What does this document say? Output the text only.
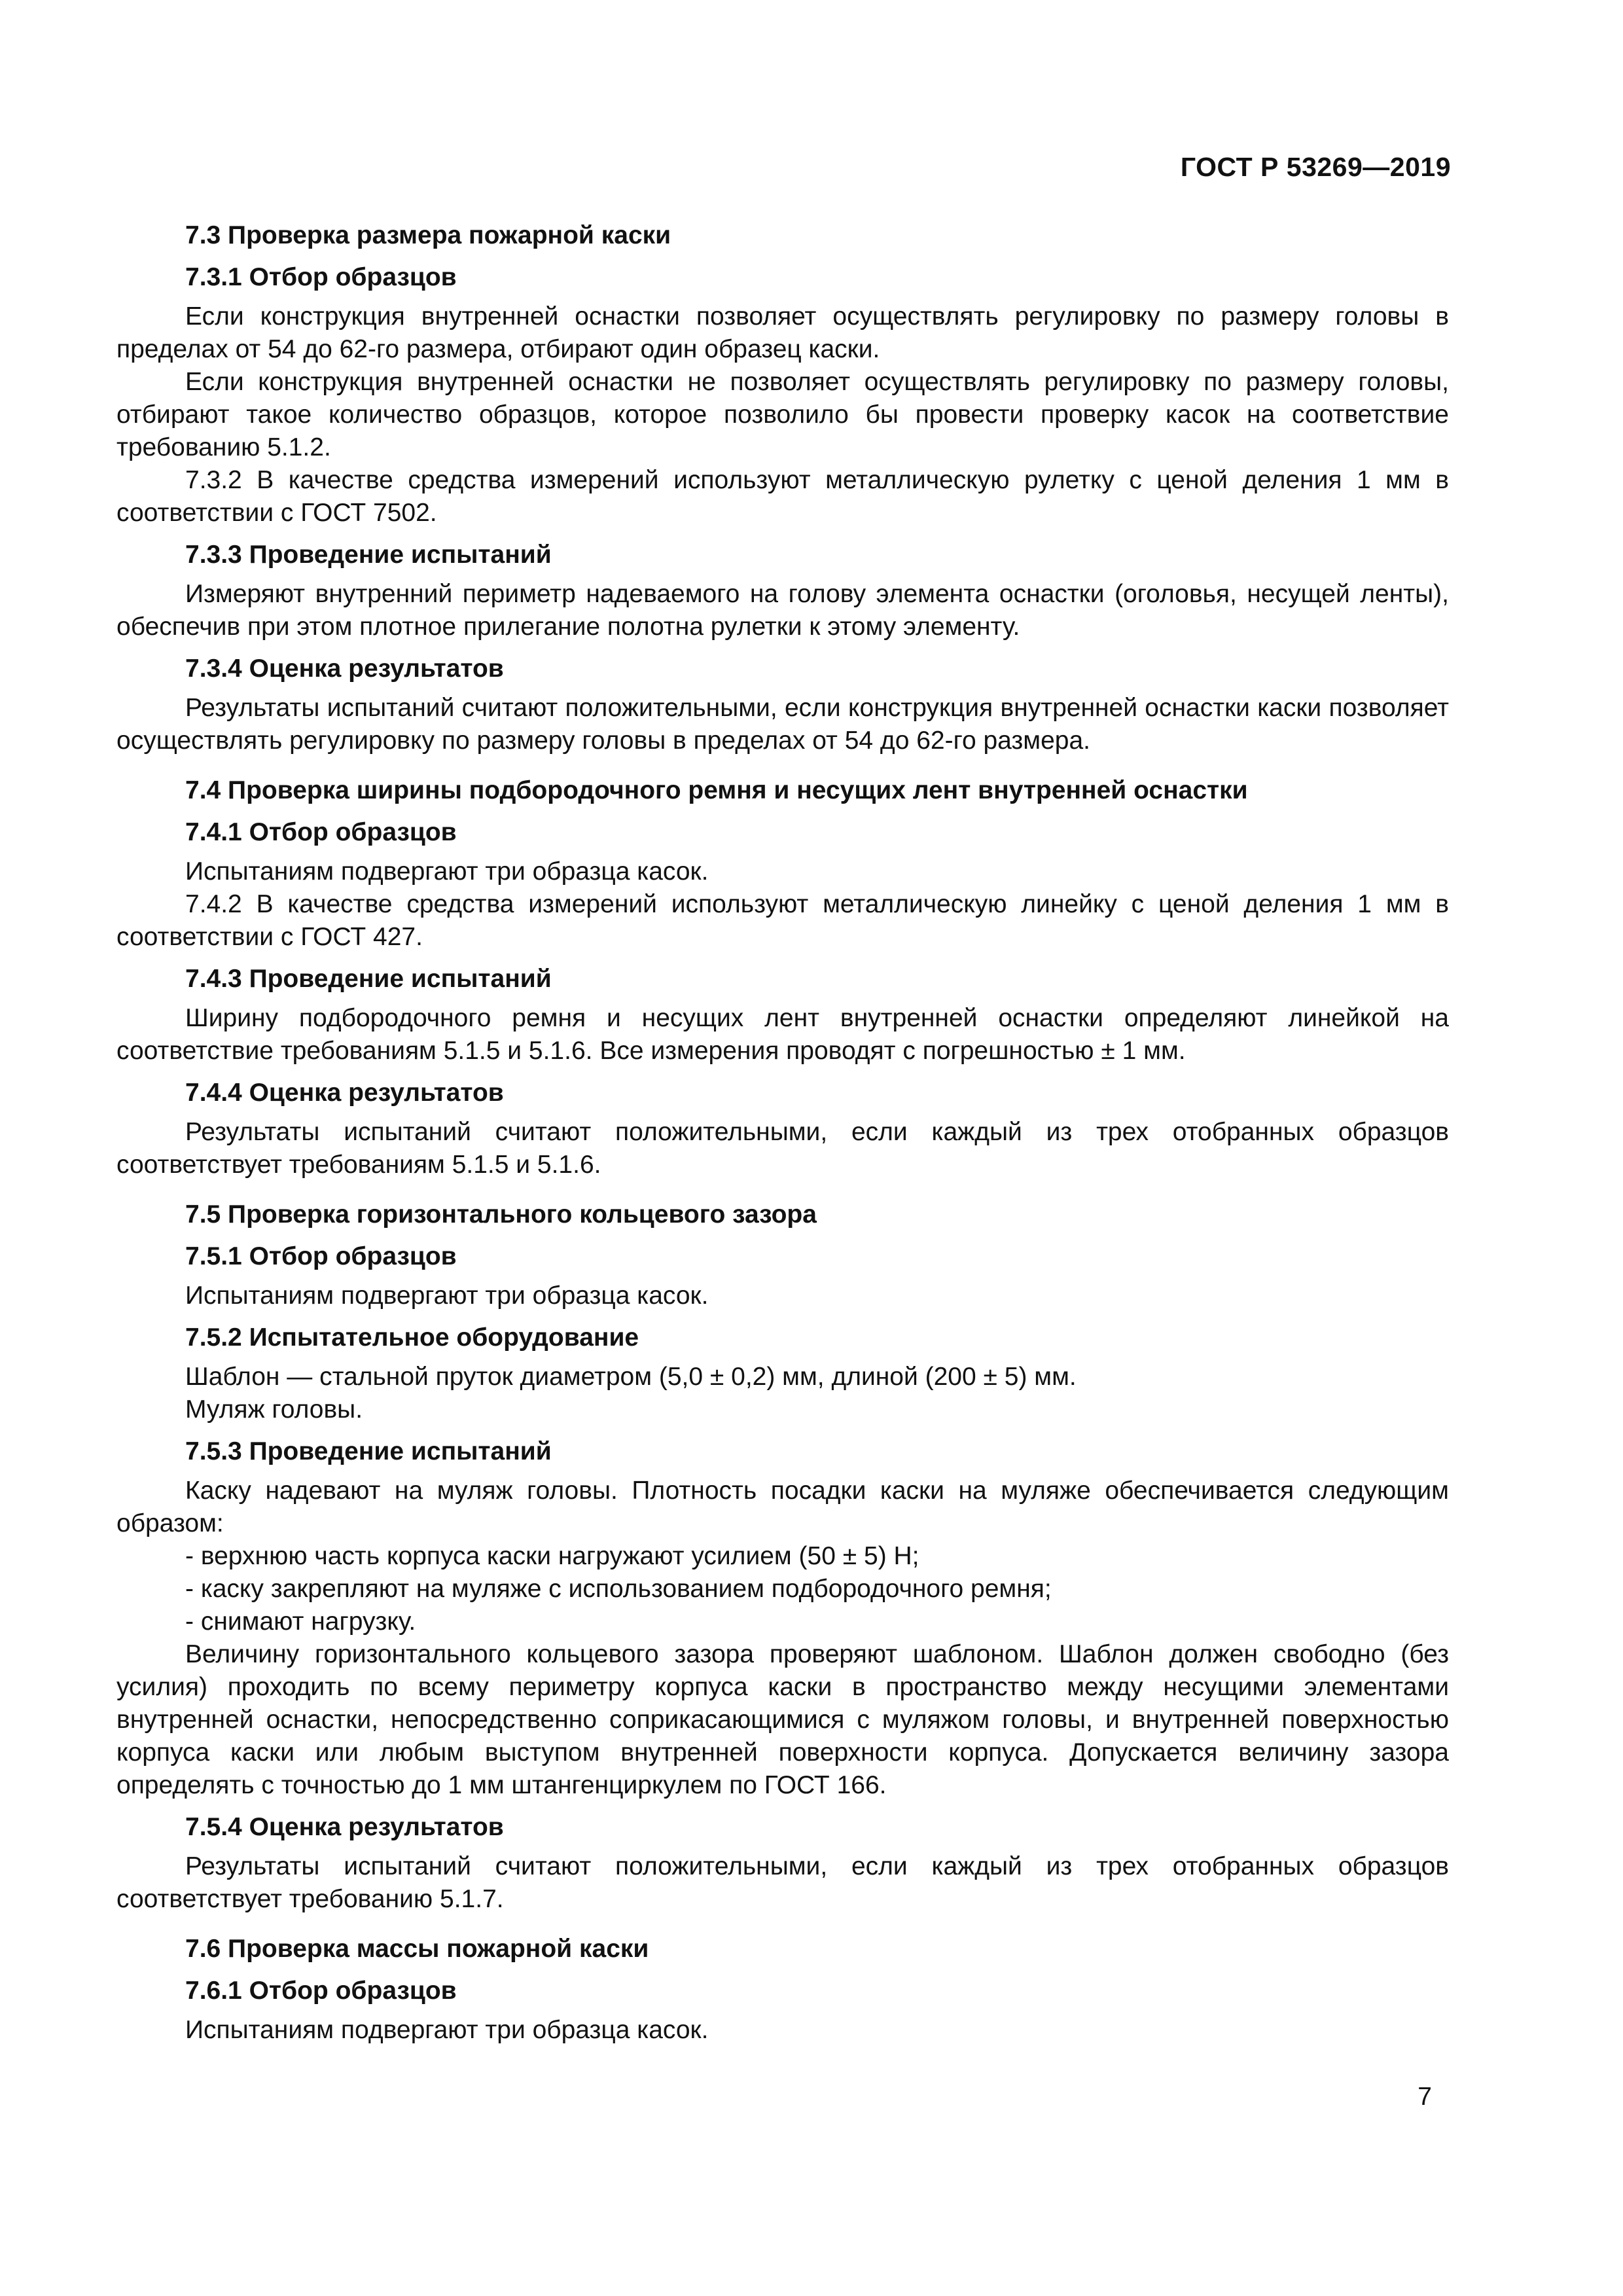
ГОСТ Р 53269—2019
7.3 Проверка размера пожарной каски
7.3.1 Отбор образцов

Если конструкция внутренней оснастки позволяет осуществлять регулировку по размеру головы в пределах от 54 до 62-го размера, отбирают один образец каски.

Если конструкция внутренней оснастки не позволяет осуществлять регулировку по размеру головы, отбирают такое количество образцов, которое позволило бы провести проверку касок на соответствие требованию 5.1.2.

7.3.2 В качестве средства измерений используют металлическую рулетку с ценой деления 1 мм в соответствии с ГОСТ 7502.

7.3.3 Проведение испытаний

Измеряют внутренний периметр надеваемого на голову элемента оснастки (оголовья, несущей ленты), обеспечив при этом плотное прилегание полотна рулетки к этому элементу.

7.3.4 Оценка результатов

Результаты испытаний считают положительными, если конструкция внутренней оснастки каски позволяет осуществлять регулировку по размеру головы в пределах от 54 до 62-го размера.

7.4 Проверка ширины подбородочного ремня и несущих лент внутренней оснастки
7.4.1 Отбор образцов

Испытаниям подвергают три образца касок.

7.4.2 В качестве средства измерений используют металлическую линейку с ценой деления 1 мм в соответствии с ГОСТ 427.

7.4.3 Проведение испытаний

Ширину подбородочного ремня и несущих лент внутренней оснастки определяют линейкой на соответствие требованиям 5.1.5 и 5.1.6. Все измерения проводят с погрешностью ± 1 мм.

7.4.4 Оценка результатов

Результаты испытаний считают положительными, если каждый из трех отобранных образцов соответствует требованиям 5.1.5 и 5.1.6.

7.5 Проверка горизонтального кольцевого зазора
7.5.1 Отбор образцов

Испытаниям подвергают три образца касок.

7.5.2 Испытательное оборудование

Шаблон — стальной пруток диаметром (5,0 ± 0,2) мм, длиной (200 ± 5) мм.

Муляж головы.

7.5.3 Проведение испытаний

Каску надевают на муляж головы. Плотность посадки каски на муляже обеспечивается следующим образом:

- верхнюю часть корпуса каски нагружают усилием (50 ± 5) Н;
- каску закрепляют на муляже с использованием подбородочного ремня;
- снимают нагрузку.

Величину горизонтального кольцевого зазора проверяют шаблоном. Шаблон должен свободно (без усилия) проходить по всему периметру корпуса каски в пространство между несущими элементами внутренней оснастки, непосредственно соприкасающимися с муляжом головы, и внутренней поверхностью корпуса каски или любым выступом внутренней поверхности корпуса. Допускается величину зазора определять с точностью до 1 мм штангенциркулем по ГОСТ 166.

7.5.4 Оценка результатов

Результаты испытаний считают положительными, если каждый из трех отобранных образцов соответствует требованию 5.1.7.

7.6 Проверка массы пожарной каски
7.6.1 Отбор образцов

Испытаниям подвергают три образца касок.

7
